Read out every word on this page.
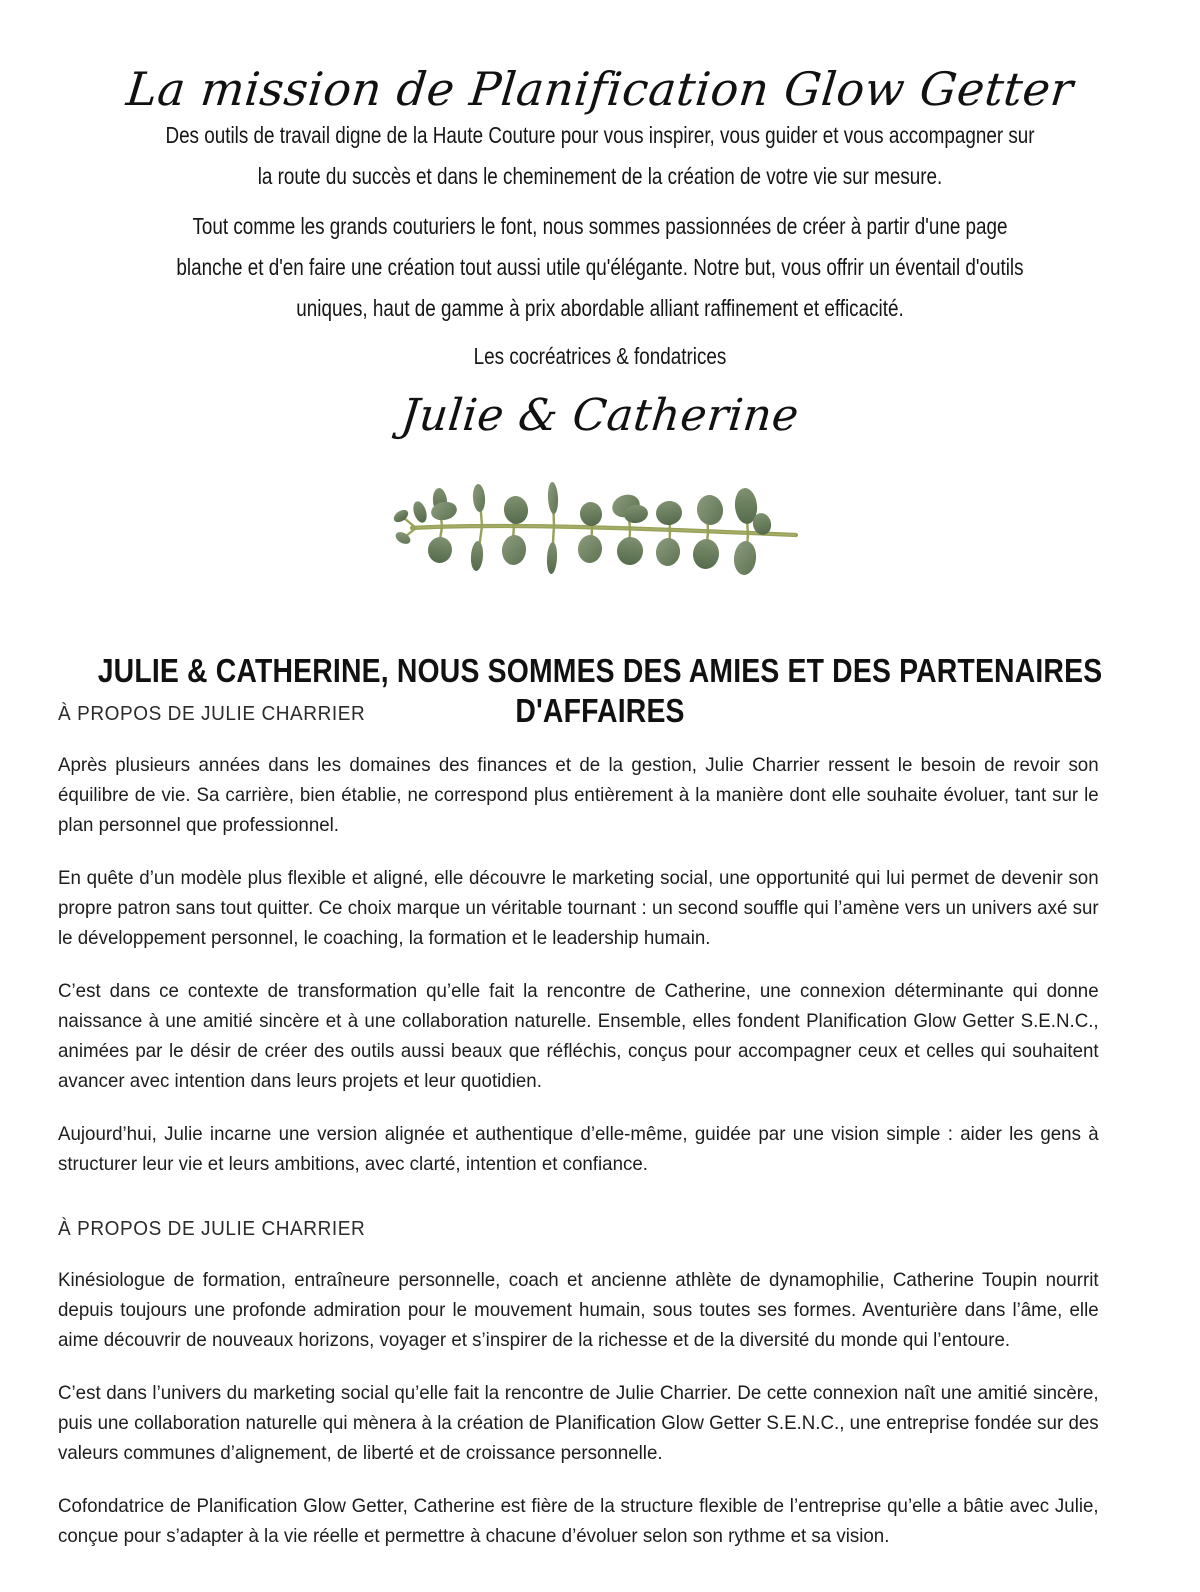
La mission de Planification Glow Getter

Des outils de travail digne de la Haute Couture pour vous inspirer, vous guider et vous accompagner sur la route du succès et dans le cheminement de la création de votre vie sur mesure.

Tout comme les grands couturiers le font, nous sommes passionnées de créer à partir d'une page blanche et d'en faire une création tout aussi utile qu'élégante. Notre but, vous offrir un éventail d'outils uniques, haut de gamme à prix abordable alliant raffinement et efficacité.

Les cocréatrices & fondatrices

Julie & Catherine
JULIE & CATHERINE, NOUS SOMMES DES AMIES ET DES PARTENAIRES D'AFFAIRES

À PROPOS DE JULIE CHARRIER

Après plusieurs années dans les domaines des finances et de la gestion, Julie Charrier ressent le besoin de revoir son équilibre de vie. Sa carrière, bien établie, ne correspond plus entièrement à la manière dont elle souhaite évoluer, tant sur le plan personnel que professionnel.

En quête d’un modèle plus flexible et aligné, elle découvre le marketing social, une opportunité qui lui permet de devenir son propre patron sans tout quitter. Ce choix marque un véritable tournant : un second souffle qui l’amène vers un univers axé sur le développement personnel, le coaching, la formation et le leadership humain.

C’est dans ce contexte de transformation qu’elle fait la rencontre de Catherine, une connexion déterminante qui donne naissance à une amitié sincère et à une collaboration naturelle. Ensemble, elles fondent Planification Glow Getter S.E.N.C., animées par le désir de créer des outils aussi beaux que réfléchis, conçus pour accompagner ceux et celles qui souhaitent avancer avec intention dans leurs projets et leur quotidien.

Aujourd’hui, Julie incarne une version alignée et authentique d’elle-même, guidée par une vision simple : aider les gens à structurer leur vie et leurs ambitions, avec clarté, intention et confiance.

À PROPOS DE JULIE CHARRIER

Kinésiologue de formation, entraîneure personnelle, coach et ancienne athlète de dynamophilie, Catherine Toupin nourrit depuis toujours une profonde admiration pour le mouvement humain, sous toutes ses formes. Aventurière dans l’âme, elle aime découvrir de nouveaux horizons, voyager et s’inspirer de la richesse et de la diversité du monde qui l’entoure.

C’est dans l’univers du marketing social qu’elle fait la rencontre de Julie Charrier. De cette connexion naît une amitié sincère, puis une collaboration naturelle qui mènera à la création de Planification Glow Getter S.E.N.C., une entreprise fondée sur des valeurs communes d’alignement, de liberté et de croissance personnelle.

Cofondatrice de Planification Glow Getter, Catherine est fière de la structure flexible de l’entreprise qu’elle a bâtie avec Julie, conçue pour s’adapter à la vie réelle et permettre à chacune d’évoluer selon son rythme et sa vision.
